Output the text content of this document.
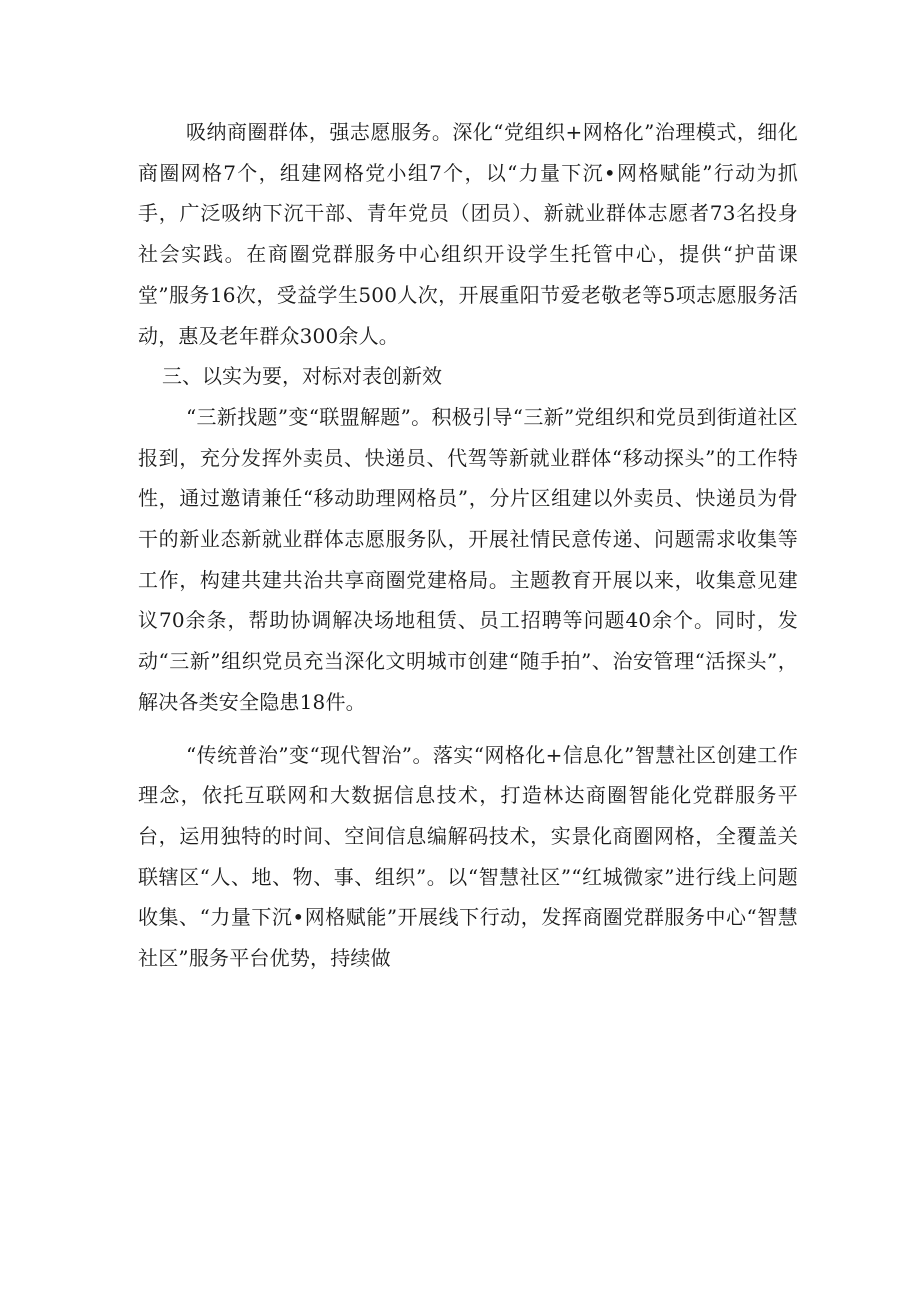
吸纳商圈群体，强志愿服务。深化“党组织+网格化”治理模式，细化商圈网格7个，组建网格党小组7个，以“力量下沉•网格赋能”行动为抓手，广泛吸纳下沉干部、青年党员（团员）、新就业群体志愿者73名投身社会实践。在商圈党群服务中心组织开设学生托管中心，提供“护苗课堂”服务16次，受益学生500人次，开展重阳节爱老敬老等5项志愿服务活动，惠及老年群众300余人。

三、以实为要，对标对表创新效

“三新找题”变“联盟解题”。积极引导“三新”党组织和党员到街道社区报到，充分发挥外卖员、快递员、代驾等新就业群体“移动探头”的工作特性，通过邀请兼任“移动助理网格员”，分片区组建以外卖员、快递员为骨干的新业态新就业群体志愿服务队，开展社情民意传递、问题需求收集等工作，构建共建共治共享商圈党建格局。主题教育开展以来，收集意见建议70余条，帮助协调解决场地租赁、员工招聘等问题40余个。同时，发动“三新”组织党员充当深化文明城市创建“随手拍”、治安管理“活探头”，解决各类安全隐患18件。

“传统普治”变“现代智治”。落实“网格化+信息化”智慧社区创建工作理念，依托互联网和大数据信息技术，打造林达商圈智能化党群服务平台，运用独特的时间、空间信息编解码技术，实景化商圈网格，全覆盖关联辖区“人、地、物、事、组织”。以“智慧社区”“红城微家”进行线上问题收集、“力量下沉•网格赋能”开展线下行动，发挥商圈党群服务中心“智慧社区”服务平台优势，持续做
